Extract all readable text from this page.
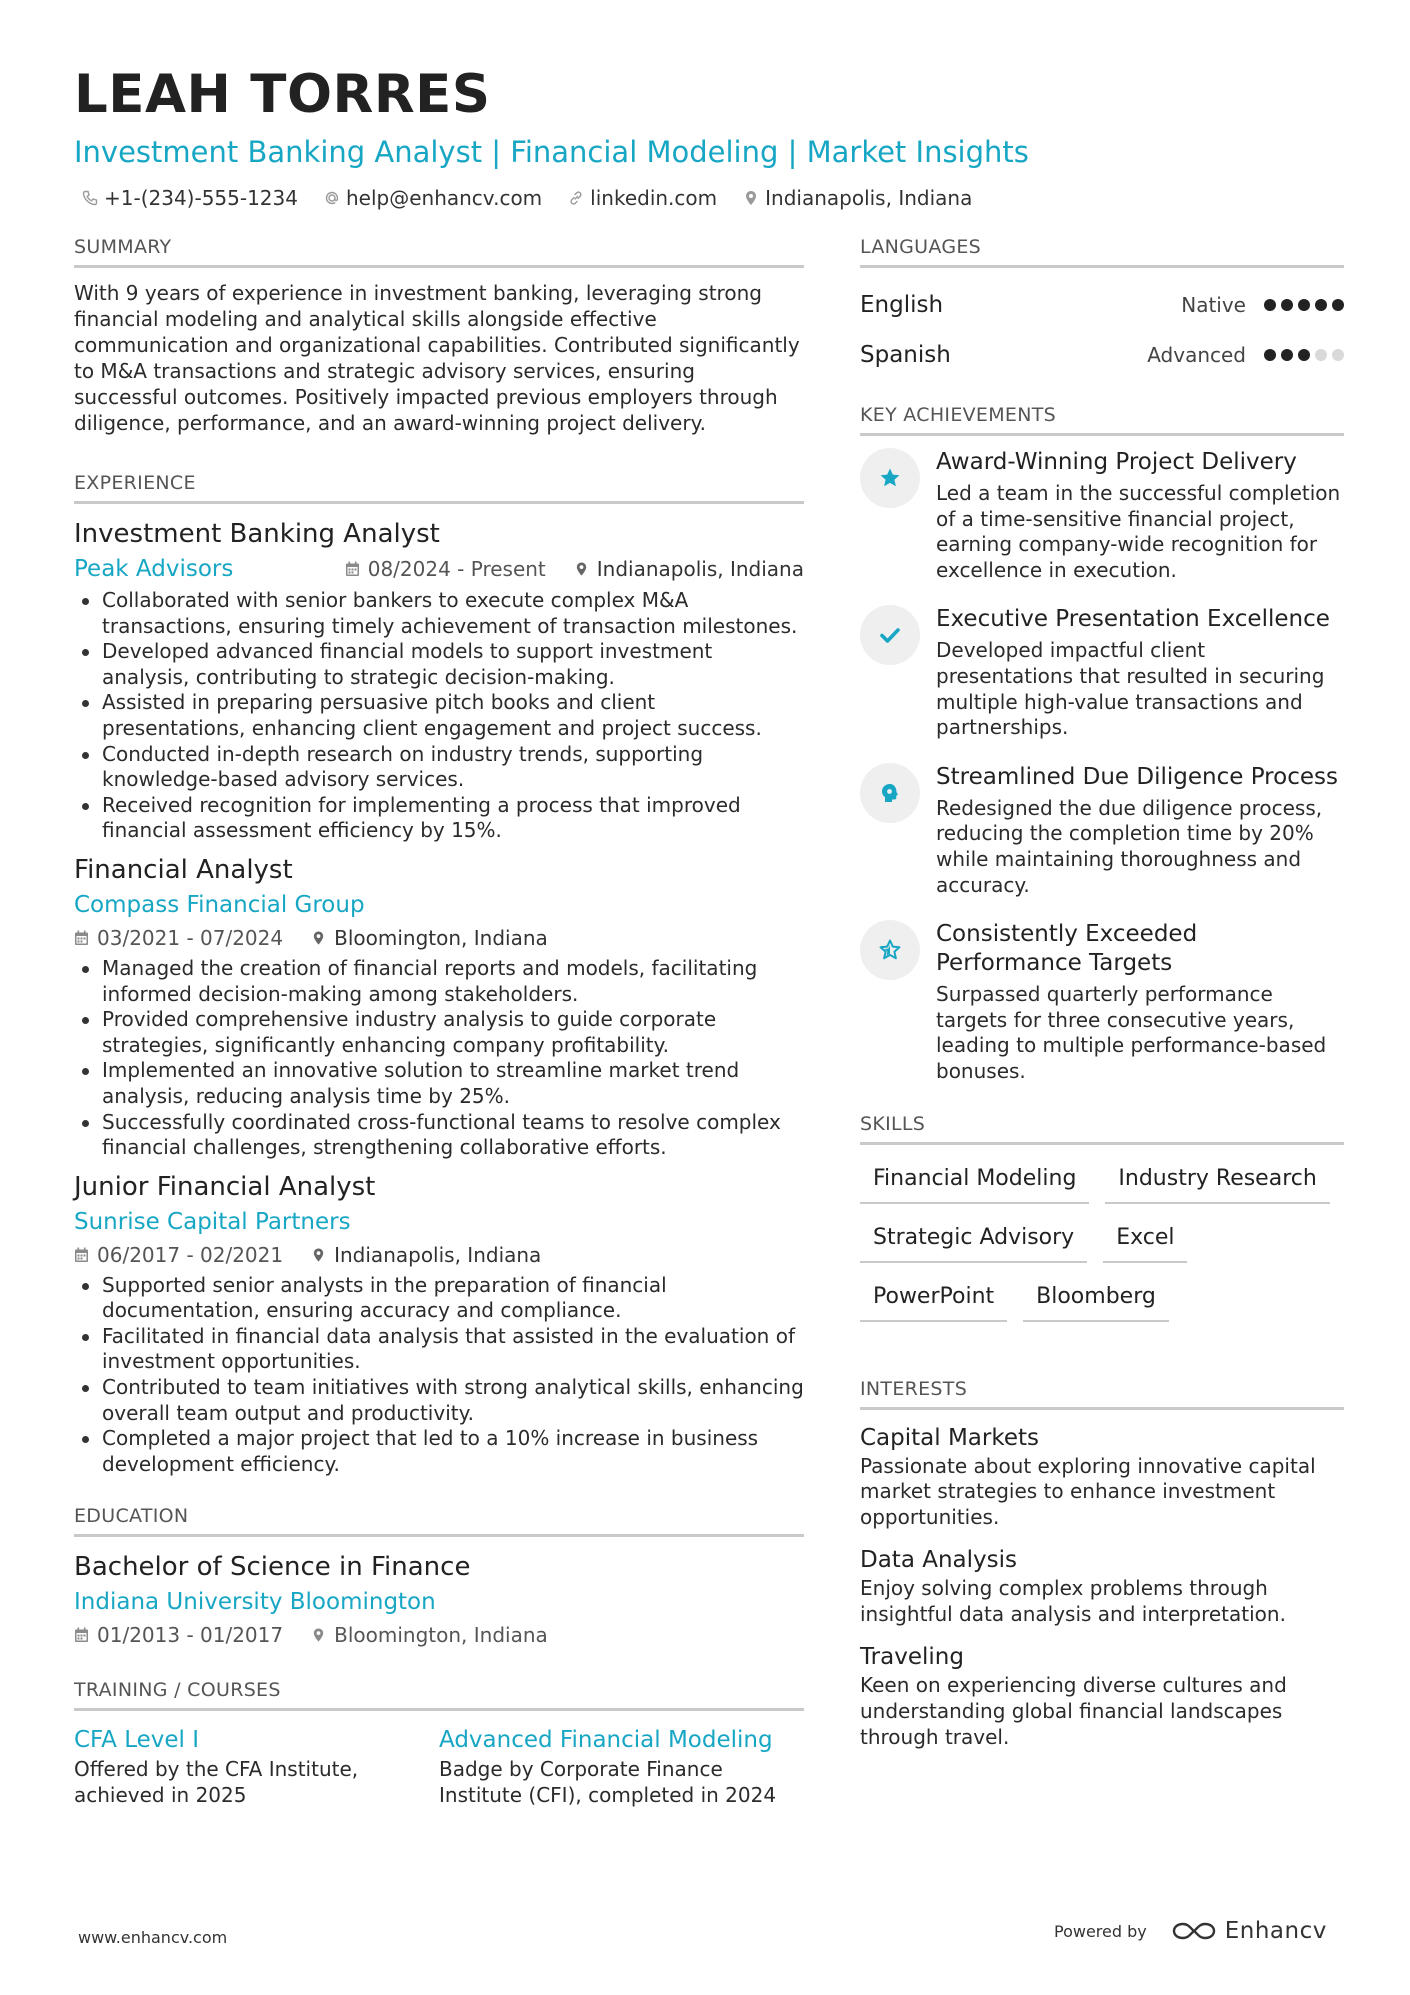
LEAH TORRES
Investment Banking Analyst | Financial Modeling | Market Insights
+1-(234)-555-1234 help@enhancv.com linkedin.com Indianapolis, Indiana
SUMMARY
With 9 years of experience in investment banking, leveraging strong financial modeling and analytical skills alongside effective communication and organizational capabilities. Contributed significantly to M&A transactions and strategic advisory services, ensuring successful outcomes. Positively impacted previous employers through diligence, performance, and an award-winning project delivery.
EXPERIENCE
Investment Banking Analyst
Peak Advisors	08/2024 - Present	Indianapolis, Indiana
Collaborated with senior bankers to execute complex M&A transactions, ensuring timely achievement of transaction milestones.
Developed advanced financial models to support investment analysis, contributing to strategic decision-making.
Assisted in preparing persuasive pitch books and client presentations, enhancing client engagement and project success.
Conducted in-depth research on industry trends, supporting knowledge-based advisory services.
Received recognition for implementing a process that improved financial assessment efficiency by 15%.
Financial Analyst
Compass Financial Group
03/2021 - 07/2024	Bloomington, Indiana
Managed the creation of financial reports and models, facilitating informed decision-making among stakeholders.
Provided comprehensive industry analysis to guide corporate strategies, significantly enhancing company profitability.
Implemented an innovative solution to streamline market trend analysis, reducing analysis time by 25%.
Successfully coordinated cross-functional teams to resolve complex financial challenges, strengthening collaborative efforts.
Junior Financial Analyst
Sunrise Capital Partners
06/2017 - 02/2021	Indianapolis, Indiana
Supported senior analysts in the preparation of financial documentation, ensuring accuracy and compliance.
Facilitated in financial data analysis that assisted in the evaluation of investment opportunities.
Contributed to team initiatives with strong analytical skills, enhancing overall team output and productivity.
Completed a major project that led to a 10% increase in business development efficiency.
EDUCATION
Bachelor of Science in Finance
Indiana University Bloomington
01/2013 - 01/2017	Bloomington, Indiana
TRAINING / COURSES
CFA Level I
Offered by the CFA Institute, achieved in 2025
Advanced Financial Modeling
Badge by Corporate Finance Institute (CFI), completed in 2024
LANGUAGES
English	Native
Spanish	Advanced
KEY ACHIEVEMENTS
Award-Winning Project Delivery
Led a team in the successful completion of a time-sensitive financial project, earning company-wide recognition for excellence in execution.
Executive Presentation Excellence
Developed impactful client presentations that resulted in securing multiple high-value transactions and partnerships.
Streamlined Due Diligence Process
Redesigned the due diligence process, reducing the completion time by 20% while maintaining thoroughness and accuracy.
Consistently Exceeded Performance Targets
Surpassed quarterly performance targets for three consecutive years, leading to multiple performance-based bonuses.
SKILLS
Financial Modeling	Industry Research
Strategic Advisory	Excel
PowerPoint	Bloomberg
INTERESTS
Capital Markets
Passionate about exploring innovative capital market strategies to enhance investment opportunities.
Data Analysis
Enjoy solving complex problems through insightful data analysis and interpretation.
Traveling
Keen on experiencing diverse cultures and understanding global financial landscapes through travel.
www.enhancv.com	Powered by	Enhancv
